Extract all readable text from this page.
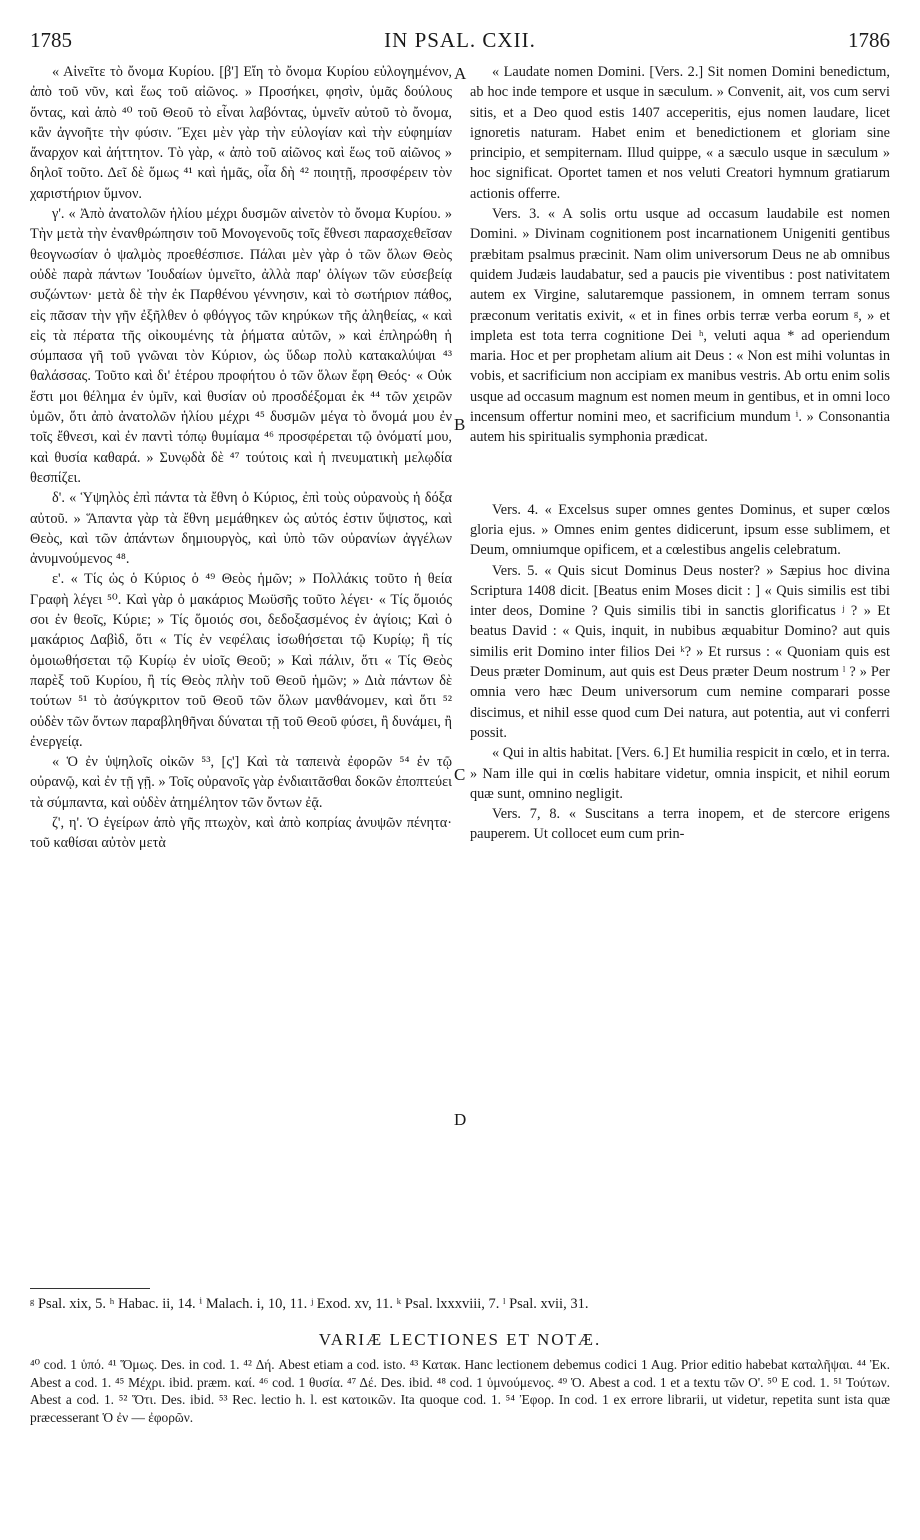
1785	IN PSAL. CXII.	1786
A
B
C
D

« Αἰνεῖτε τὸ ὄνομα Κυρίου. [β'] Εἴη τὸ ὄνομα Κυρίου εὐλογημένον, ἀπὸ τοῦ νῦν, καὶ ἕως τοῦ αἰῶνος. » Προσήκει, φησὶν, ὑμᾶς δούλους ὄντας, καὶ ἀπὸ ⁴⁰ τοῦ Θεοῦ τὸ εἶναι λαβόντας, ὑμνεῖν αὐτοῦ τὸ ὄνομα, κἂν ἀγνοῆτε τὴν φύσιν. Ἔχει μὲν γὰρ τὴν εὐλογίαν καὶ τὴν εὐφημίαν ἄναρχον καὶ ἀήττητον. Τὸ γὰρ, « ἀπὸ τοῦ αἰῶνος καὶ ἕως τοῦ αἰῶνος » δηλοῖ τοῦτο. Δεῖ δὲ ὅμως ⁴¹ καὶ ἡμᾶς, οἷα δὴ ⁴² ποιητῇ, προσφέρειν τὸν χαριστήριον ὕμνον.

γ'. « Ἀπὸ ἀνατολῶν ἡλίου μέχρι δυσμῶν αἰνετὸν τὸ ὄνομα Κυρίου. » Τὴν μετὰ τὴν ἐνανθρώπησιν τοῦ Μονογενοῦς τοῖς ἔθνεσι παρασχεθεῖσαν θεογνωσίαν ὁ ψαλμὸς προεθέσπισε. Πάλαι μὲν γὰρ ὁ τῶν ὅλων Θεὸς οὐδὲ παρὰ πάντων Ἰουδαίων ὑμνεῖτο, ἀλλὰ παρ' ὀλίγων τῶν εὐσεβείᾳ συζώντων· μετὰ δὲ τὴν ἐκ Παρθένου γέννησιν, καὶ τὸ σωτήριον πάθος, εἰς πᾶσαν τὴν γῆν ἐξῆλθεν ὁ φθόγγος τῶν κηρύκων τῆς ἀληθείας, « καὶ εἰς τὰ πέρατα τῆς οἰκουμένης τὰ ῥήματα αὐτῶν, » καὶ ἐπληρώθη ἡ σύμπασα γῆ τοῦ γνῶναι τὸν Κύριον, ὡς ὕδωρ πολὺ κατακαλύψαι ⁴³ θαλάσσας. Τοῦτο καὶ δι' ἑτέρου προφήτου ὁ τῶν ὅλων ἔφη Θεός· « Οὐκ ἔστι μοι θέλημα ἐν ὑμῖν, καὶ θυσίαν οὐ προσδέξομαι ἐκ ⁴⁴ τῶν χειρῶν ὑμῶν, ὅτι ἀπὸ ἀνατολῶν ἡλίου μέχρι ⁴⁵ δυσμῶν μέγα τὸ ὄνομά μου ἐν τοῖς ἔθνεσι, καὶ ἐν παντὶ τόπῳ θυμίαμα ⁴⁶ προσφέρεται τῷ ὀνόματί μου, καὶ θυσία καθαρά. » Συνῳδὰ δὲ ⁴⁷ τούτοις καὶ ἡ πνευματικὴ μελῳδία θεσπίζει.

δ'. « Ὑψηλὸς ἐπὶ πάντα τὰ ἔθνη ὁ Κύριος, ἐπὶ τοὺς οὐρανοὺς ἡ δόξα αὐτοῦ. » Ἅπαντα γὰρ τὰ ἔθνη μεμάθηκεν ὡς αὐτός ἐστιν ὕψιστος, καὶ Θεὸς, καὶ τῶν ἁπάντων δημιουργὸς, καὶ ὑπὸ τῶν οὐρανίων ἀγγέλων ἀνυμνούμενος ⁴⁸.

ε'. « Τίς ὡς ὁ Κύριος ὁ ⁴⁹ Θεὸς ἡμῶν; » Πολλάκις τοῦτο ἡ θεία Γραφὴ λέγει ⁵⁰. Καὶ γὰρ ὁ μακάριος Μωϋσῆς τοῦτο λέγει· « Τίς ὅμοιός σοι ἐν θεοῖς, Κύριε; » Τίς ὅμοιός σοι, δεδοξασμένος ἐν ἁγίοις; Καὶ ὁ μακάριος Δαβὶδ, ὅτι « Τίς ἐν νεφέλαις ἰσωθήσεται τῷ Κυρίῳ; ἢ τίς ὁμοιωθήσεται τῷ Κυρίῳ ἐν υἱοῖς Θεοῦ; » Καὶ πάλιν, ὅτι « Τίς Θεὸς παρὲξ τοῦ Κυρίου, ἢ τίς Θεὸς πλὴν τοῦ Θεοῦ ἡμῶν; » Διὰ πάντων δὲ τούτων ⁵¹ τὸ ἀσύγκριτον τοῦ Θεοῦ τῶν ὅλων μανθάνομεν, καὶ ὅτι ⁵² οὐδὲν τῶν ὄντων παραβληθῆναι δύναται τῇ τοῦ Θεοῦ φύσει, ἢ δυνάμει, ἢ ἐνεργείᾳ.

« Ὁ ἐν ὑψηλοῖς οἰκῶν ⁵³, [ς'] Καὶ τὰ ταπεινὰ ἐφορῶν ⁵⁴ ἐν τῷ οὐρανῷ, καὶ ἐν τῇ γῇ. » Τοῖς οὐρανοῖς γὰρ ἐνδιαιτᾶσθαι δοκῶν ἐποπτεύει τὰ σύμπαντα, καὶ οὐδὲν ἀτημέλητον τῶν ὄντων ἐᾷ.

ζ', η'. Ὁ ἐγείρων ἀπὸ γῆς πτωχὸν, καὶ ἀπὸ κοπρίας ἀνυψῶν πένητα· τοῦ καθίσαι αὐτὸν μετὰ

« Laudate nomen Domini. [Vers. 2.] Sit nomen Domini benedictum, ab hoc inde tempore et usque in sæculum. » Convenit, ait, vos cum servi sitis, et a Deo quod estis 1407 acceperitis, ejus nomen laudare, licet ignoretis naturam. Habet enim et benedictionem et gloriam sine principio, et sempiternam. Illud quippe, « a sæculo usque in sæculum » hoc significat. Oportet tamen et nos veluti Creatori hymnum gratiarum actionis offerre.

Vers. 3. « A solis ortu usque ad occasum laudabile est nomen Domini. » Divinam cognitionem post incarnationem Unigeniti gentibus præbitam psalmus præcinit. Nam olim universorum Deus ne ab omnibus quidem Judæis laudabatur, sed a paucis pie viventibus : post nativitatem autem ex Virgine, salutaremque passionem, in omnem terram sonus præconum veritatis exivit, « et in fines orbis terræ verba eorum ᵍ, » et impleta est tota terra cognitione Dei ʰ, veluti aqua * ad operiendum maria. Hoc et per prophetam alium ait Deus : « Non est mihi voluntas in vobis, et sacrificium non accipiam ex manibus vestris. Ab ortu enim solis usque ad occasum magnum est nomen meum in gentibus, et in omni loco incensum offertur nomini meo, et sacrificium mundum ⁱ. » Consonantia autem his spiritualis symphonia prædicat.

Vers. 4. « Excelsus super omnes gentes Dominus, et super cœlos gloria ejus. » Omnes enim gentes didicerunt, ipsum esse sublimem, et Deum, omniumque opificem, et a cœlestibus angelis celebratum.

Vers. 5. « Quis sicut Dominus Deus noster? » Sæpius hoc divina Scriptura 1408 dicit. [Beatus enim Moses dicit : ] « Quis similis est tibi inter deos, Domine ? Quis similis tibi in sanctis glorificatus ʲ ? » Et beatus David : « Quis, inquit, in nubibus æquabitur Domino? aut quis similis erit Domino inter filios Dei ᵏ? » Et rursus : « Quoniam quis est Deus præter Dominum, aut quis est Deus præter Deum nostrum ˡ ? » Per omnia vero hæc Deum universorum cum nemine comparari posse discimus, et nihil esse quod cum Dei natura, aut potentia, aut vi conferri possit.

« Qui in altis habitat. [Vers. 6.] Et humilia respicit in cœlo, et in terra. » Nam ille qui in cœlis habitare videtur, omnia inspicit, et nihil eorum quæ sunt, omnino negligit.

Vers. 7, 8. « Suscitans a terra inopem, et de stercore erigens pauperem. Ut collocet eum cum prin-

ᵍ Psal. xix, 5. ʰ Habac. ii, 14. ⁱ Malach. i, 10, 11. ʲ Exod. xv, 11. ᵏ Psal. lxxxviii, 7. ˡ Psal. xvii, 31.
VARIÆ LECTIONES ET NOTÆ.
⁴⁰ cod. 1 ὑπό. ⁴¹ Ὅμως. Des. in cod. 1. ⁴² Δή. Abest etiam a cod. isto. ⁴³ Κατακ. Hanc lectionem debemus codici 1 Aug. Prior editio habebat καταλῆψαι. ⁴⁴ Ἐκ. Abest a cod. 1. ⁴⁵ Μέχρι. ibid. præm. καί. ⁴⁶ cod. 1 θυσία. ⁴⁷ Δέ. Des. ibid. ⁴⁸ cod. 1 ὑμνούμενος. ⁴⁹ Ὁ. Abest a cod. 1 et a textu τῶν Ο'. ⁵⁰ E cod. 1. ⁵¹ Τούτων. Abest a cod. 1. ⁵² Ὅτι. Des. ibid. ⁵³ Rec. lectio h. l. est κατοικῶν. Ita quoque cod. 1. ⁵⁴ Ἐφορ. In cod. 1 ex errore librarii, ut videtur, repetita sunt ista quæ præcesserant Ὁ ἐν — ἐφορῶν.
